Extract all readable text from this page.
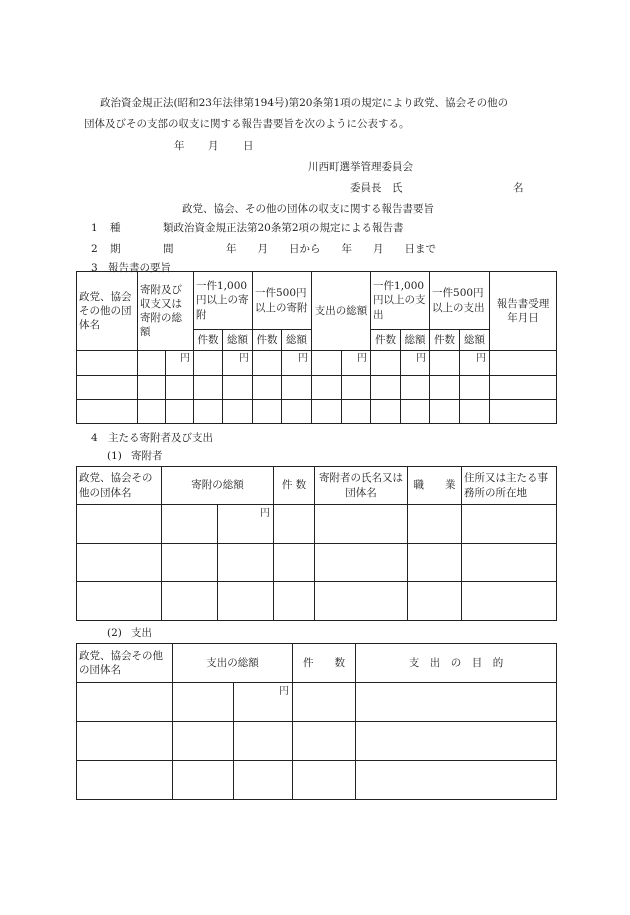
政治資金規正法(昭和23年法律第194号)第20条第1項の規定により政党、協会その他の
団体及びその支部の収支に関する報告書要旨を次のように公表する。
年 月 日
川西町選挙管理委員会
委員長　氏	名
政党、協会、その他の団体の収支に関する報告書要旨
1 種	類政治資金規正法第20条第2項の規定による報告書
2 期	間	年　　月　　日から　　年　　月　　日まで
3 報告書の要旨
政党、協会その他の団体名	寄附及び収支又は寄附の総額		一件1,000円以上の寄附		一件500円以上の寄附		支出の総額		一件1,000円以上の支出		一件500円以上の支出		報告書受理年月日
			件数	総額	件数	総額			件数	総額	件数	総額	

		円		円		円		円		円		円	

4 主たる寄附者及び支出
(1) 寄附者
政党、協会その他の団体名	寄附の総額		件 数	寄附者の氏名又は団体名	職　　業	住所又は主たる事務所の所在地

		円				

(2) 支出
政党、協会その他の団体名	支出の総額		件　　数	支　出　の　目　的

		円		
